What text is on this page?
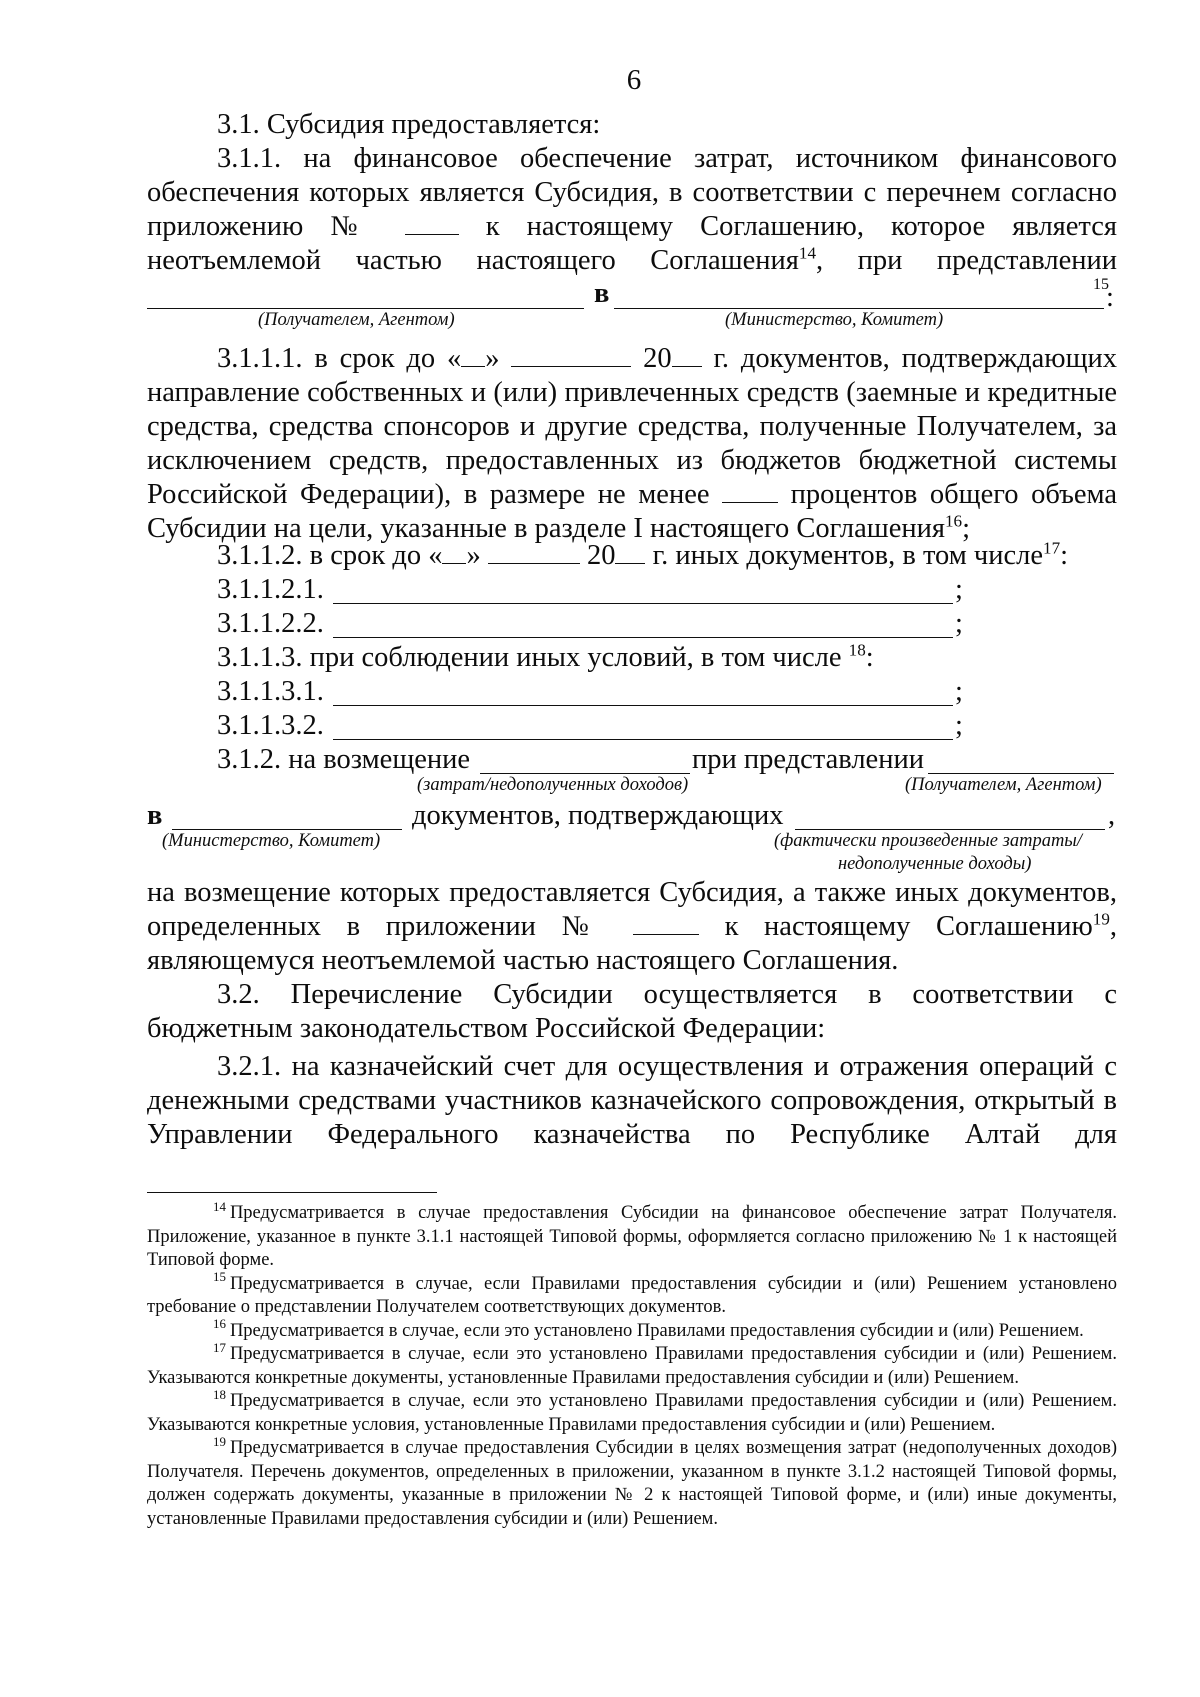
6

3.1. Субсидия предоставляется:

3.1.1. на финансовое обеспечение затрат, источником финансового

обеспечения которых является Субсидия, в соответствии с перечнем согласно

приложению №  к настоящему Соглашению, которое является

неотъемлемой частью настоящего Соглашения$^{14}$, при представлении

в	15
:
(Получателем, Агентом)	(Министерство, Комитет)

3.1.1.1. в срок до « »	20 г. документов, подтверждающих

направление собственных и (или) привлеченных средств (заемные и кредитные средства, средства спонсоров и другие средства, полученные Получателем, за исключением средств, предоставленных из бюджетов бюджетной системы Российской Федерации), в размере не менее  процентов общего объема Субсидии на цели, указанные в разделе I настоящего Соглашения$^{16}$;

3.1.1.2. в срок до « »	20 г. иных документов, в том числе$^{17}$:
3.1.1.2.1.	;
3.1.1.2.2.	;
3.1.1.3. при соблюдении иных условий, в том числе $^{18}$:
3.1.1.3.1.	;
3.1.1.3.2.	;
3.1.2. на возмещение	при представлении
(затрат/недополученных доходов)	(Получателем, Агентом)
в	документов, подтверждающих	,
(Министерство, Комитет)	(фактически произведенные затраты/
недополученные доходы)

на возмещение которых предоставляется Субсидия, а также иных документов,

определенных в приложении №  к настоящему Соглашению$^{19}$,

являющемуся неотъемлемой частью настоящего Соглашения.

3.2. Перечисление Субсидии осуществляется в соответствии с бюджетным законодательством Российской Федерации:

3.2.1. на казначейский счет для осуществления и отражения операций с денежными средствами участников казначейского сопровождения, открытый в Управлении Федерального казначейства по Республике Алтай для

$^{14}$ Предусматривается в случае предоставления Субсидии на финансовое обеспечение затрат Получателя. Приложение, указанное в пункте 3.1.1 настоящей Типовой формы, оформляется согласно приложению № 1 к настоящей Типовой форме.

$^{15}$ Предусматривается в случае, если Правилами предоставления субсидии и (или) Решением установлено требование о представлении Получателем соответствующих документов.

$^{16}$ Предусматривается в случае, если это установлено Правилами предоставления субсидии и (или) Решением.

$^{17}$ Предусматривается в случае, если это установлено Правилами предоставления субсидии и (или) Решением. Указываются конкретные документы, установленные Правилами предоставления субсидии и (или) Решением.

$^{18}$ Предусматривается в случае, если это установлено Правилами предоставления субсидии и (или) Решением. Указываются конкретные условия, установленные Правилами предоставления субсидии и (или) Решением.

$^{19}$ Предусматривается в случае предоставления Субсидии в целях возмещения затрат (недополученных доходов) Получателя. Перечень документов, определенных в приложении, указанном в пункте 3.1.2 настоящей Типовой формы, должен содержать документы, указанные в приложении № 2 к настоящей Типовой форме, и (или) иные документы, установленные Правилами предоставления субсидии и (или) Решением.
